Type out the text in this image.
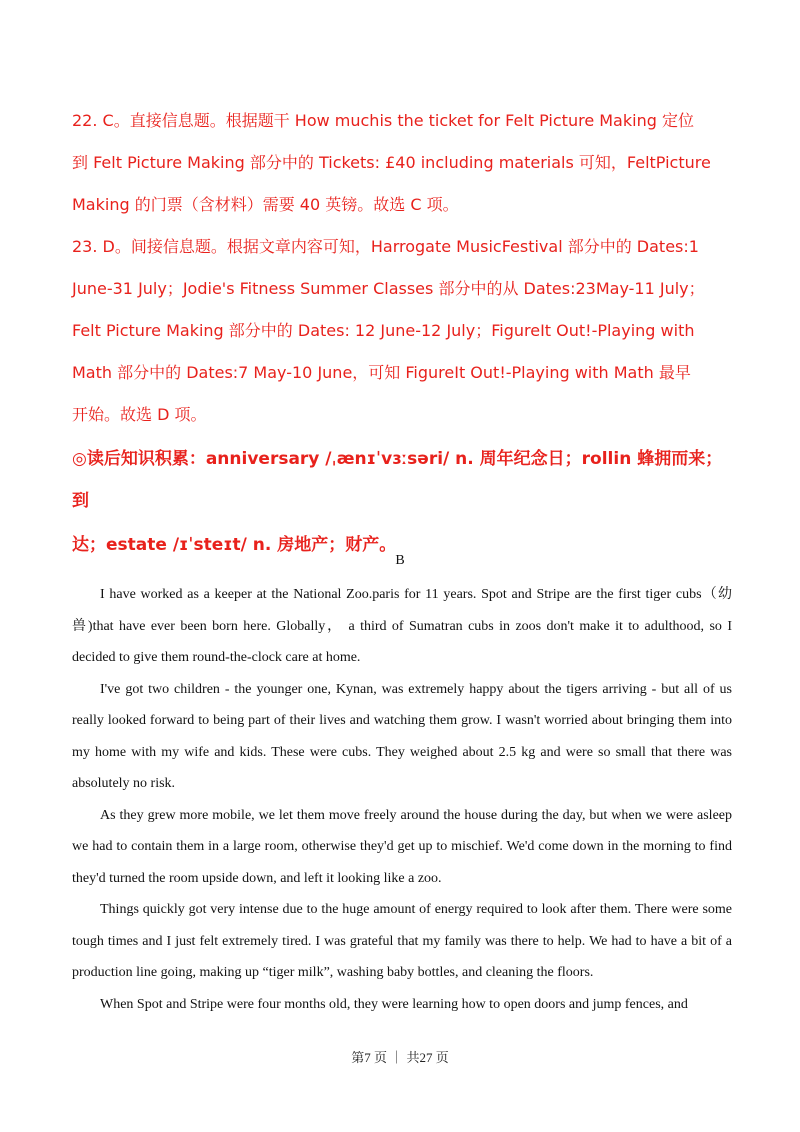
22. C。直接信息题。根据题干 How muchis the ticket for Felt Picture Making 定位

到 Felt Picture Making 部分中的 Tickets: £40 including materials 可知，FeltPicture

Making 的门票（含材料）需要 40 英镑。故选 C 项。

23. D。间接信息题。根据文章内容可知，Harrogate MusicFestival 部分中的 Dates:1

June-31 July；Jodie's Fitness Summer Classes 部分中的从 Dates:23May-11 July；

Felt Picture Making 部分中的 Dates: 12 June-12 July；FigureIt Out!-Playing with

Math 部分中的 Dates:7 May-10 June，可知 FigureIt Out!-Playing with Math 最早

开始。故选 D 项。

◎读后知识积累：anniversary /ˌænɪˈvɜːsəri/ n. 周年纪念日；rollin 蜂拥而来；到

达；estate /ɪˈsteɪt/ n. 房地产；财产。

B

I have worked as a keeper at the National Zoo.paris for 11 years. Spot and Stripe are the first tiger cubs（幼兽)that have ever been born here. Globally， a third of Sumatran cubs in zoos don't make it to adulthood, so I decided to give them round-the-clock care at home.

I've got two children - the younger one, Kynan, was extremely happy about the tigers arriving - but all of us really looked forward to being part of their lives and watching them grow. I wasn't worried about bringing them into my home with my wife and kids. These were cubs. They weighed about 2.5 kg and were so small that there was absolutely no risk.

As they grew more mobile, we let them move freely around the house during the day, but when we were asleep we had to contain them in a large room, otherwise they'd get up to mischief. We'd come down in the morning to find they'd turned the room upside down, and left it looking like a zoo.

Things quickly got very intense due to the huge amount of energy required to look after them. There were some tough times and I just felt extremely tired. I was grateful that my family was there to help. We had to have a bit of a production line going, making up “tiger milk”, washing baby bottles, and cleaning the floors.

When Spot and Stripe were four months old, they were learning how to open doors and jump fences, and

第7 页 ｜ 共27 页
